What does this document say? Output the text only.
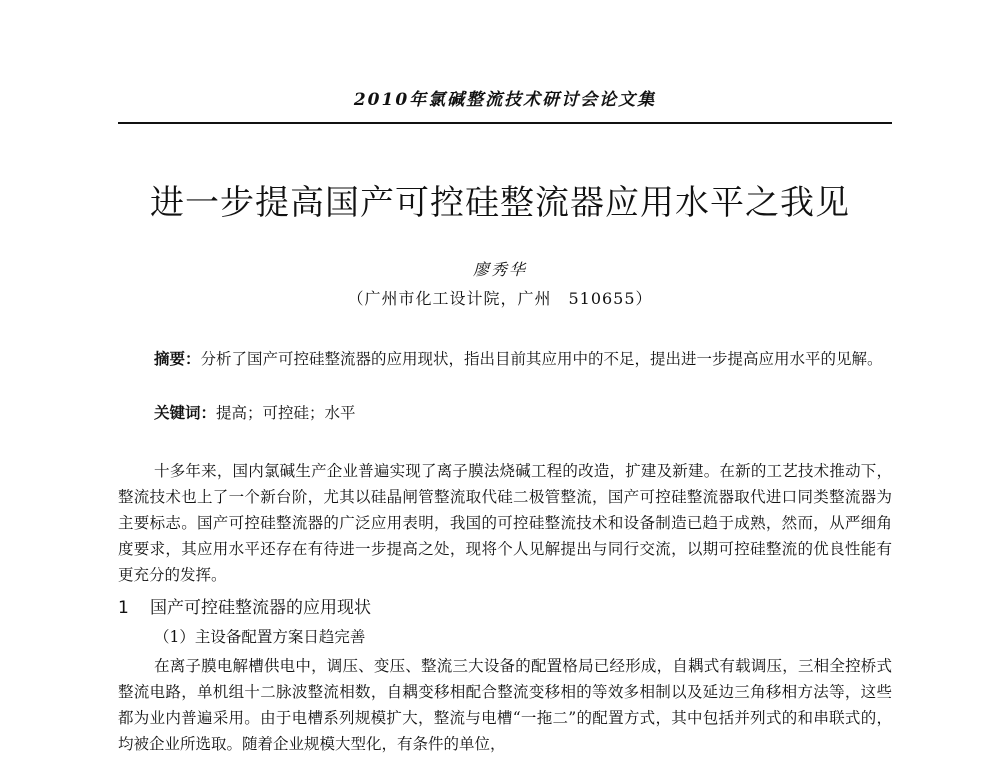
2010年氯碱整流技术研讨会论文集
进一步提高国产可控硅整流器应用水平之我见
廖秀华
（广州市化工设计院，广州　510655）

摘要：分析了国产可控硅整流器的应用现状，指出目前其应用中的不足，提出进一步提高应用水平的见解。

关键词：提高；可控硅；水平

十多年来，国内氯碱生产企业普遍实现了离子膜法烧碱工程的改造，扩建及新建。在新的工艺技术推动下，整流技术也上了一个新台阶，尤其以硅晶闸管整流取代硅二极管整流，国产可控硅整流器取代进口同类整流器为主要标志。国产可控硅整流器的广泛应用表明，我国的可控硅整流技术和设备制造已趋于成熟，然而，从严细角度要求，其应用水平还存在有待进一步提高之处，现将个人见解提出与同行交流，以期可控硅整流的优良性能有更充分的发挥。

1 国产可控硅整流器的应用现状

（1）主设备配置方案日趋完善

在离子膜电解槽供电中，调压、变压、整流三大设备的配置格局已经形成，自耦式有载调压，三相全控桥式整流电路，单机组十二脉波整流相数，自耦变移相配合整流变移相的等效多相制以及延边三角移相方法等，这些都为业内普遍采用。由于电槽系列规模扩大，整流与电槽“一拖二”的配置方式，其中包括并列式的和串联式的，均被企业所选取。随着企业规模大型化，有条件的单位，
